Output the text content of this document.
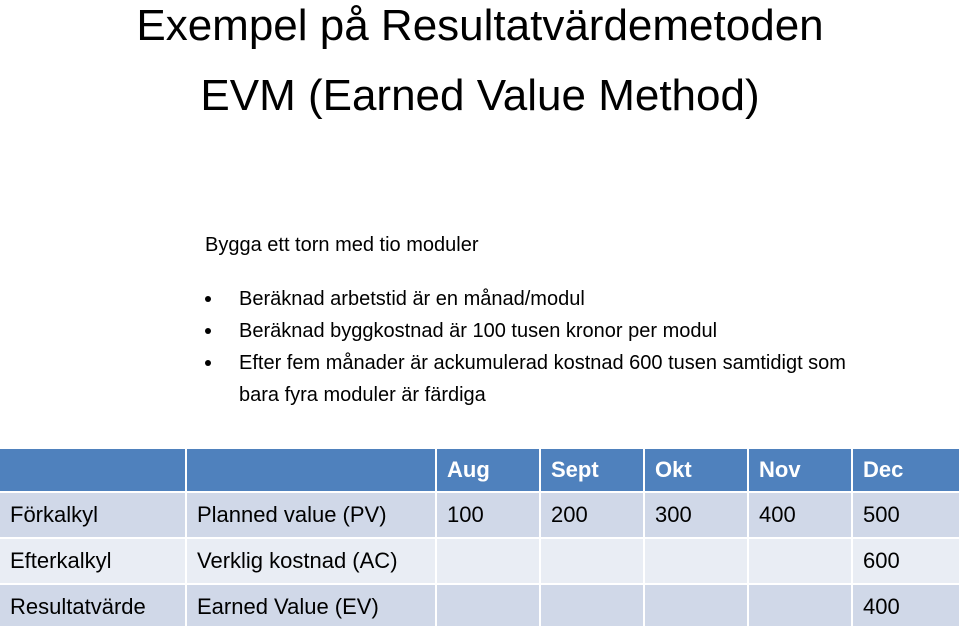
Exempel på Resultatvärdemetoden
EVM (Earned Value Method)
Bygga ett torn med tio moduler
Beräknad arbetstid är en månad/modul
Beräknad byggkostnad är 100 tusen kronor per modul
Efter fem månader är ackumulerad kostnad 600 tusen samtidigt som bara fyra moduler är färdiga
		Aug	Sept	Okt	Nov	Dec
Förkalkyl	Planned value (PV)	100	200	300	400	500
Efterkalkyl	Verklig kostnad (AC)					600
Resultatvärde	Earned Value (EV)					400
